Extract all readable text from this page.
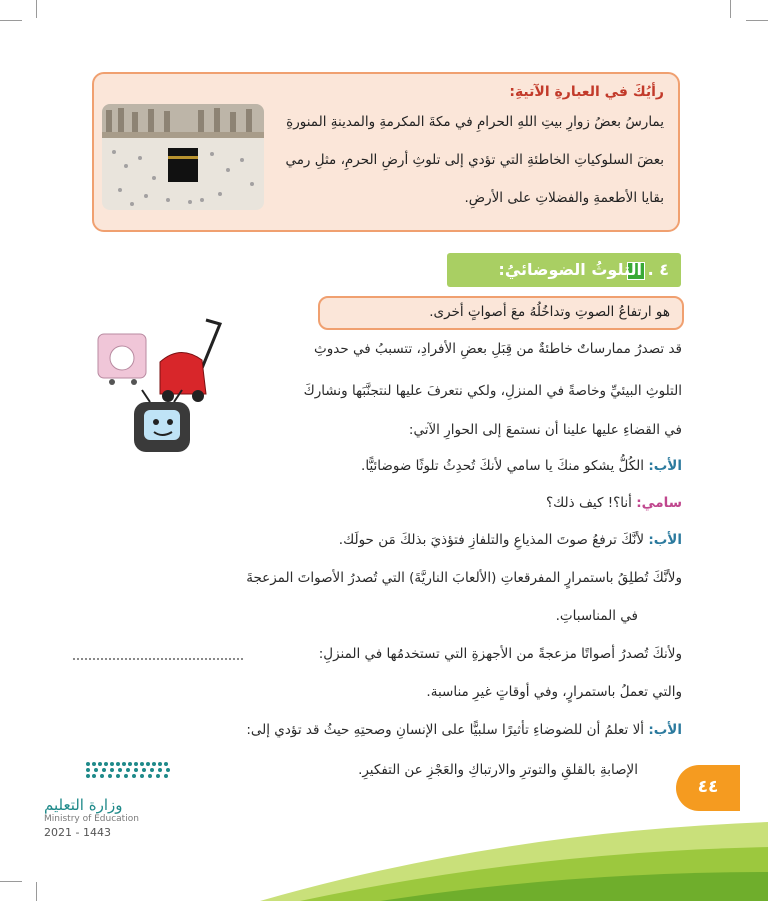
رأيُكَ في العبارةِ الآتيةِ:
يمارسُ بعضُ زوارِ بيتِ اللهِ الحرامِ في مكةَ المكرمةِ والمدينةِ المنورةِ
بعضَ السلوكياتِ الخاطئةِ التي تؤدي إلى تلوثِ أرضِ الحرمِ، مثلِ رمي
بقايا الأطعمةِ والفضلاتِ على الأرضِ.
٤ . التلوثُ الضوضائيُ:
هو ارتفاعُ الصوتِ وتداخُلُهُ معَ أصواتٍ أخرى.
قد تصدرُ ممارساتٌ خاطئةٌ من قِبَلِ بعضِ الأفرادِ، تتسببُ في حدوثِ
التلوثِ البيئيِّ وخاصةً في المنزلِ، ولكي نتعرفَ عليها لنتجنَّبَها ونشاركَ
في القضاءِ عليها علينا أن نستمعَ إلى الحوارِ الآتي:
الأب: الكُلُّ يشكو منكَ يا سامي لأنكَ تُحدِثُ تلوثًا ضوضائيًّا.
سامي: أنا؟! كيف ذلك؟
الأب: لأنَّكَ ترفعُ صوتَ المذياعِ والتلفازِ فتؤذيَ بذلكَ مَن حولَك.
ولأنَّكَ تُطلِقُ باستمرارٍ المفرقعاتِ (الألعابَ الناريَّةَ) التي تُصدرُ الأصواتَ المزعجةَ
في المناسباتِ.
ولأنكَ تُصدرُ أصواتًا مزعجةً من الأجهزةِ التي تستخدمُها في المنزلِ:
والتي تعملُ باستمرارٍ، وفي أوقاتٍ غيرِ مناسبة.
الأب: ألا تعلمُ أن للضوضاءِ تأثيرًا سلبيًّا على الإنسانِ وصحتِهِ حيثُ قد تؤدي إلى:
الإصابةِ بالقلقِ والتوترِ والارتباكِ والعَجْزِ عن التفكيرِ.
٤٤
وزارة التعليم
Ministry of Education
2021 - 1443
